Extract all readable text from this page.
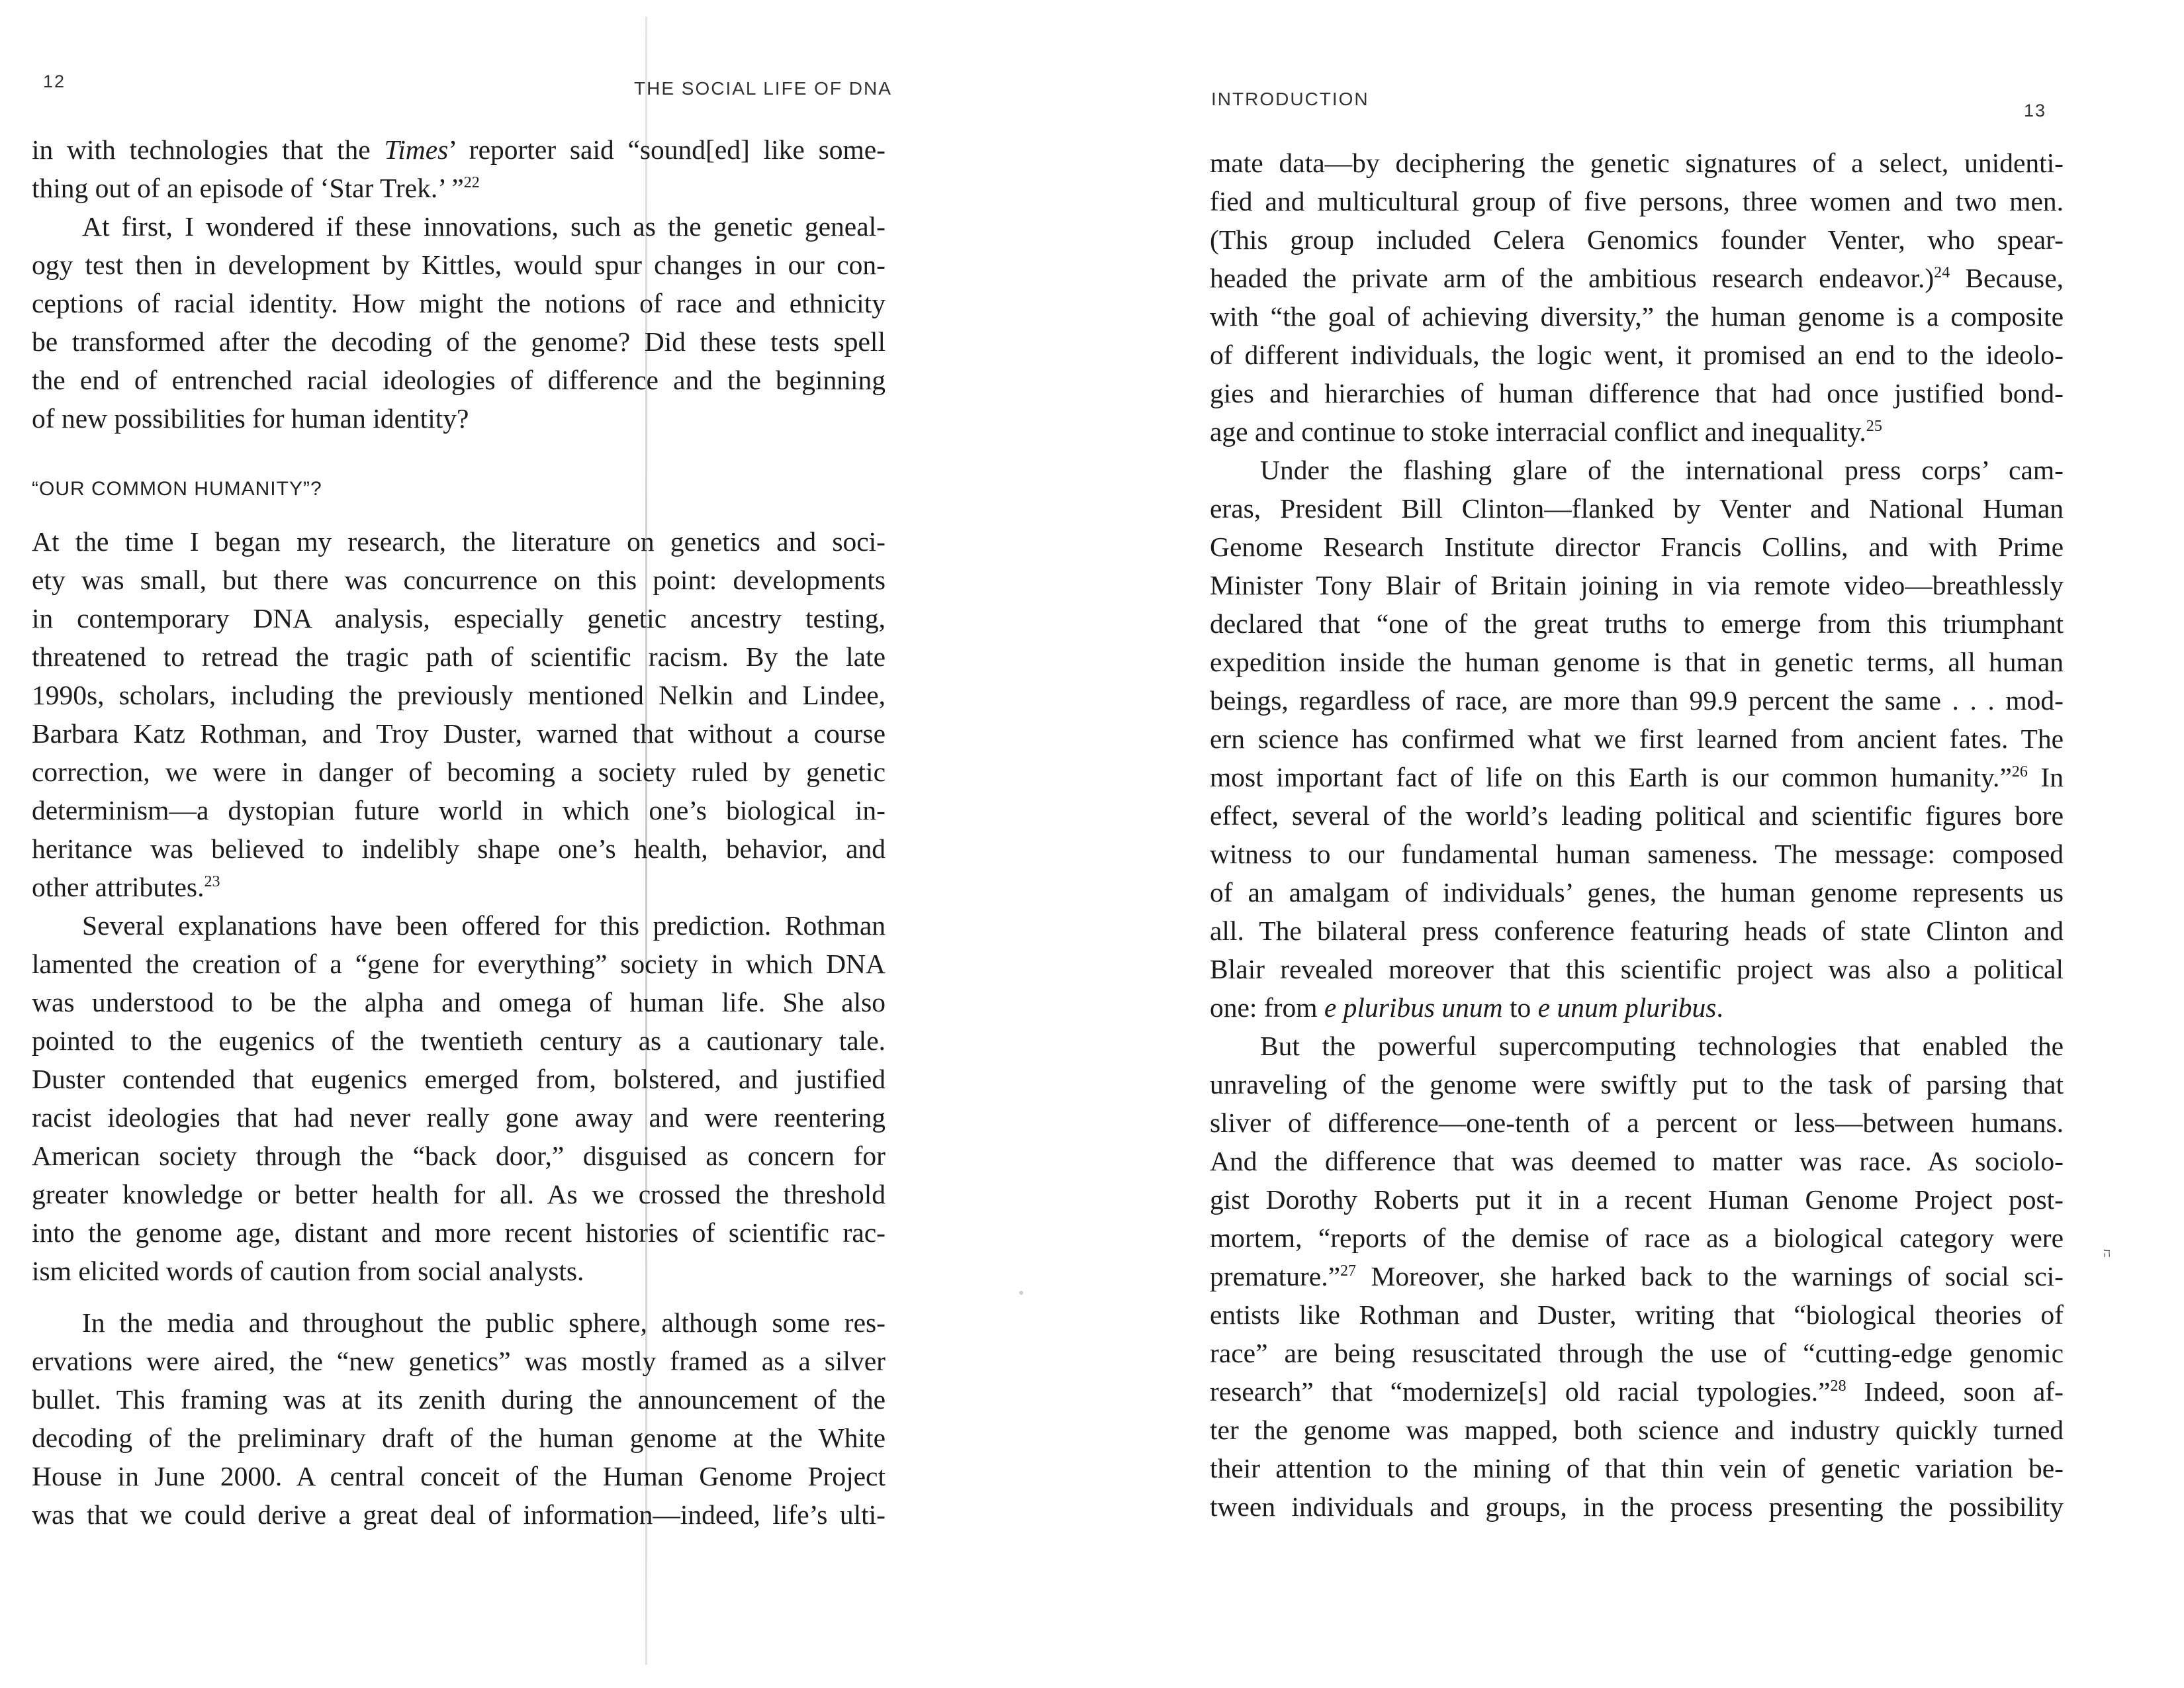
ה
12	THE SOCIAL LIFE OF DNA
in with technologies that the Times’ reporter said “sound[ed] like some-
thing out of an episode of ‘Star Trek.’ ”$^{22}$
At first, I wondered if these innovations, such as the genetic geneal-
ogy test then in development by Kittles, would spur changes in our con-
ceptions of racial identity. How might the notions of race and ethnicity
be transformed after the decoding of the genome? Did these tests spell
the end of entrenched racial ideologies of difference and the beginning
of new possibilities for human identity?
“OUR COMMON HUMANITY”?
At the time I began my research, the literature on genetics and soci-
ety was small, but there was concurrence on this point: developments
in contemporary DNA analysis, especially genetic ancestry testing,
threatened to retread the tragic path of scientific racism. By the late
1990s, scholars, including the previously mentioned Nelkin and Lindee,
Barbara Katz Rothman, and Troy Duster, warned that without a course
correction, we were in danger of becoming a society ruled by genetic
determinism—a dystopian future world in which one’s biological in-
heritance was believed to indelibly shape one’s health, behavior, and
other attributes.$^{23}$
Several explanations have been offered for this prediction. Rothman
lamented the creation of a “gene for everything” society in which DNA
was understood to be the alpha and omega of human life. She also
pointed to the eugenics of the twentieth century as a cautionary tale.
Duster contended that eugenics emerged from, bolstered, and justified
racist ideologies that had never really gone away and were reentering
American society through the “back door,” disguised as concern for
greater knowledge or better health for all. As we crossed the threshold
into the genome age, distant and more recent histories of scientific rac-
ism elicited words of caution from social analysts.
In the media and throughout the public sphere, although some res-
ervations were aired, the “new genetics” was mostly framed as a silver
bullet. This framing was at its zenith during the announcement of the
decoding of the preliminary draft of the human genome at the White
House in June 2000. A central conceit of the Human Genome Project
was that we could derive a great deal of information—indeed, life’s ulti-
INTRODUCTION
13
mate data—by deciphering the genetic signatures of a select, unidenti-
fied and multicultural group of five persons, three women and two men.
(This group included Celera Genomics founder Venter, who spear-
headed the private arm of the ambitious research endeavor.)$^{24}$ Because,
with “the goal of achieving diversity,” the human genome is a composite
of different individuals, the logic went, it promised an end to the ideolo-
gies and hierarchies of human difference that had once justified bond-
age and continue to stoke interracial conflict and inequality.$^{25}$
Under the flashing glare of the international press corps’ cam-
eras, President Bill Clinton—flanked by Venter and National Human
Genome Research Institute director Francis Collins, and with Prime
Minister Tony Blair of Britain joining in via remote video—breathlessly
declared that “one of the great truths to emerge from this triumphant
expedition inside the human genome is that in genetic terms, all human
beings, regardless of race, are more than 99.9 percent the same . . . mod-
ern science has confirmed what we first learned from ancient fates. The
most important fact of life on this Earth is our common humanity.”$^{26}$ In
effect, several of the world’s leading political and scientific figures bore
witness to our fundamental human sameness. The message: composed
of an amalgam of individuals’ genes, the human genome represents us
all. The bilateral press conference featuring heads of state Clinton and
Blair revealed moreover that this scientific project was also a political
one: from e pluribus unum to e unum pluribus.
But the powerful supercomputing technologies that enabled the
unraveling of the genome were swiftly put to the task of parsing that
sliver of difference—one-tenth of a percent or less—between humans.
And the difference that was deemed to matter was race. As sociolo-
gist Dorothy Roberts put it in a recent Human Genome Project post-
mortem, “reports of the demise of race as a biological category were
premature.”$^{27}$ Moreover, she harked back to the warnings of social sci-
entists like Rothman and Duster, writing that “biological theories of
race” are being resuscitated through the use of “cutting-edge genomic
research” that “modernize[s] old racial typologies.”$^{28}$ Indeed, soon af-
ter the genome was mapped, both science and industry quickly turned
their attention to the mining of that thin vein of genetic variation be-
tween individuals and groups, in the process presenting the possibility
